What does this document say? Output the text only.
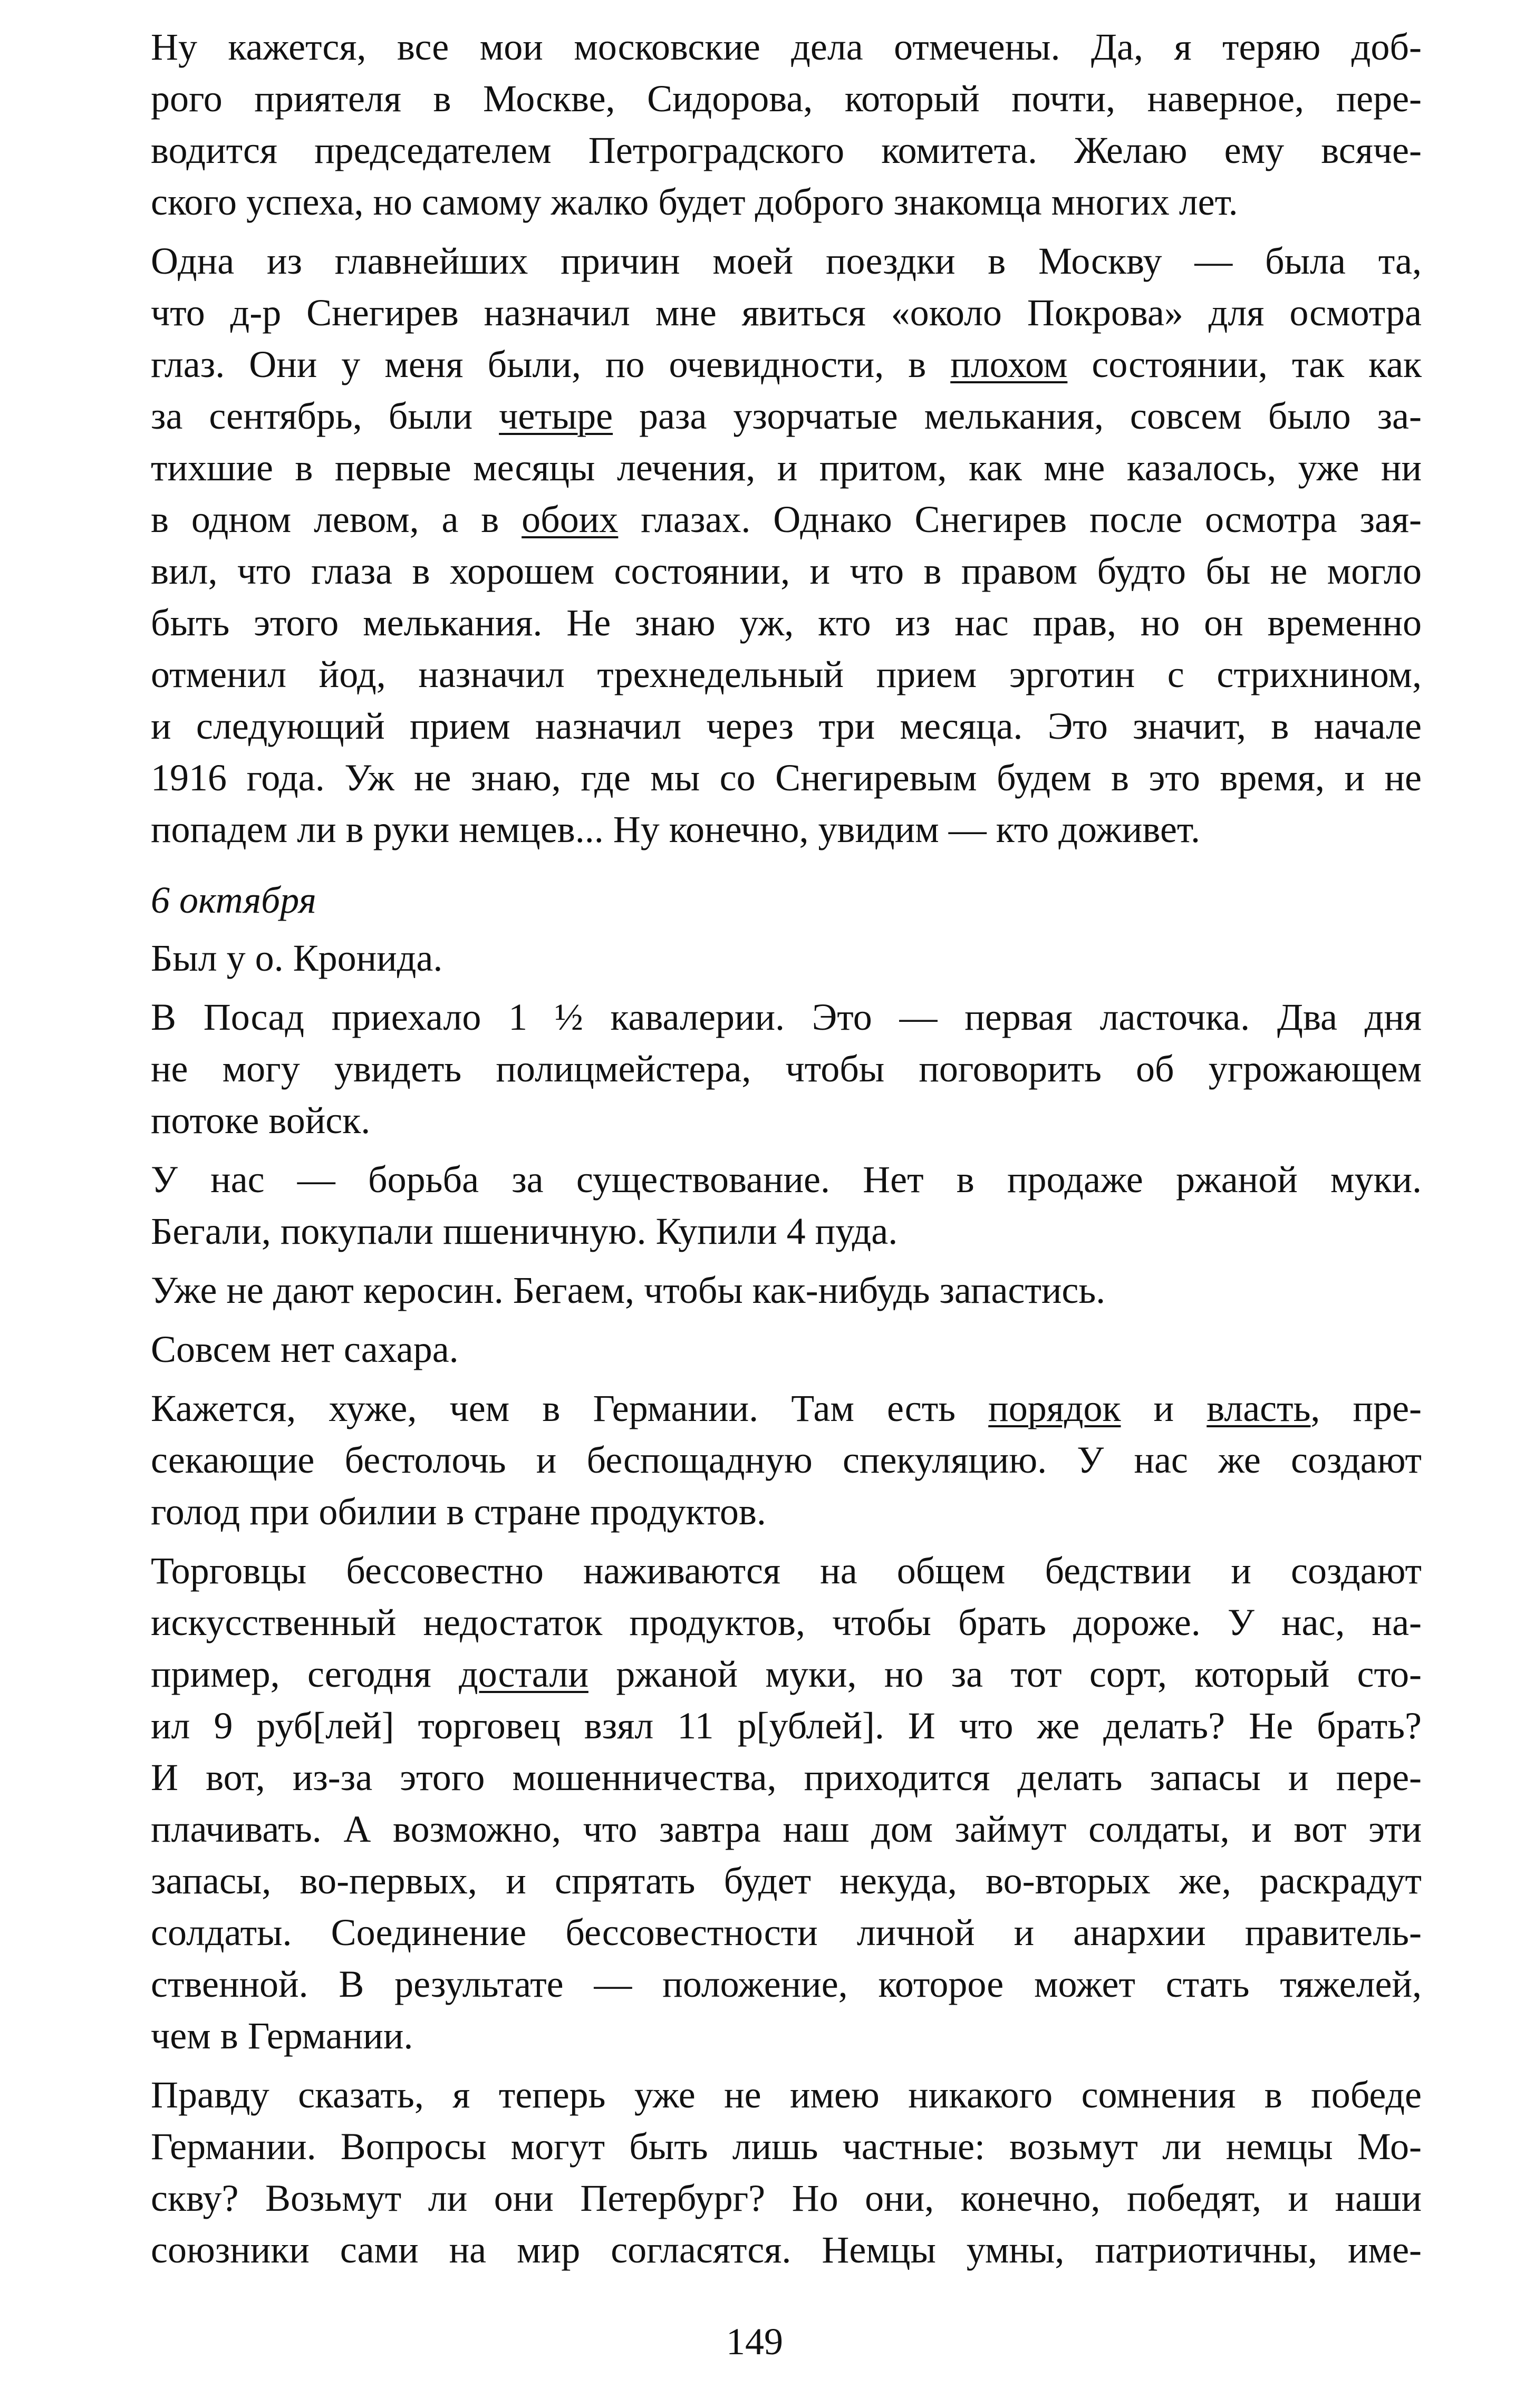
Ну кажется, все мои московские дела отмечены. Да, я теряю доб-
рого приятеля в Москве, Сидорова, который почти, наверное, пере-
водится председателем Петроградского комитета. Желаю ему всяче-
ского успеха, но самому жалко будет доброго знакомца многих лет.

Одна из главнейших причин моей поездки в Москву — была та,
что д-р Снегирев назначил мне явиться «около Покрова» для осмотра
глаз. Они у меня были, по очевидности, в плохом состоянии, так как
за сентябрь, были четыре раза узорчатые мелькания, совсем было за-
тихшие в первые месяцы лечения, и притом, как мне казалось, уже ни
в одном левом, а в обоих глазах. Однако Снегирев после осмотра зая-
вил, что глаза в хорошем состоянии, и что в правом будто бы не могло
быть этого мелькания. Не знаю уж, кто из нас прав, но он временно
отменил йод, назначил трехнедельный прием эрготин с стрихнином,
и следующий прием назначил через три месяца. Это значит, в начале
1916 года. Уж не знаю, где мы со Снегиревым будем в это время, и не
попадем ли в руки немцев... Ну конечно, увидим — кто доживет.

6 октября

Был у о. Кронида.

В Посад приехало 1 ½ кавалерии. Это — первая ласточка. Два дня
не могу увидеть полицмейстера, чтобы поговорить об угрожающем
потоке войск.

У нас — борьба за существование. Нет в продаже ржаной муки.
Бегали, покупали пшеничную. Купили 4 пуда.

Уже не дают керосин. Бегаем, чтобы как-нибудь запастись.

Совсем нет сахара.

Кажется, хуже, чем в Германии. Там есть порядок и власть, пре-
секающие бестолочь и беспощадную спекуляцию. У нас же создают
голод при обилии в стране продуктов.

Торговцы бессовестно наживаются на общем бедствии и создают
искусственный недостаток продуктов, чтобы брать дороже. У нас, на-
пример, сегодня достали ржаной муки, но за тот сорт, который сто-
ил 9 руб[лей] торговец взял 11 р[ублей]. И что же делать? Не брать?
И вот, из-за этого мошенничества, приходится делать запасы и пере-
плачивать. А возможно, что завтра наш дом займут солдаты, и вот эти
запасы, во-первых, и спрятать будет некуда, во-вторых же, раскрадут
солдаты. Соединение бессовестности личной и анархии правитель-
ственной. В результате — положение, которое может стать тяжелей,
чем в Германии.

Правду сказать, я теперь уже не имею никакого сомнения в победе
Германии. Вопросы могут быть лишь частные: возьмут ли немцы Мо-
скву? Возьмут ли они Петербург? Но они, конечно, победят, и наши
союзники сами на мир согласятся. Немцы умны, патриотичны, име-

149
